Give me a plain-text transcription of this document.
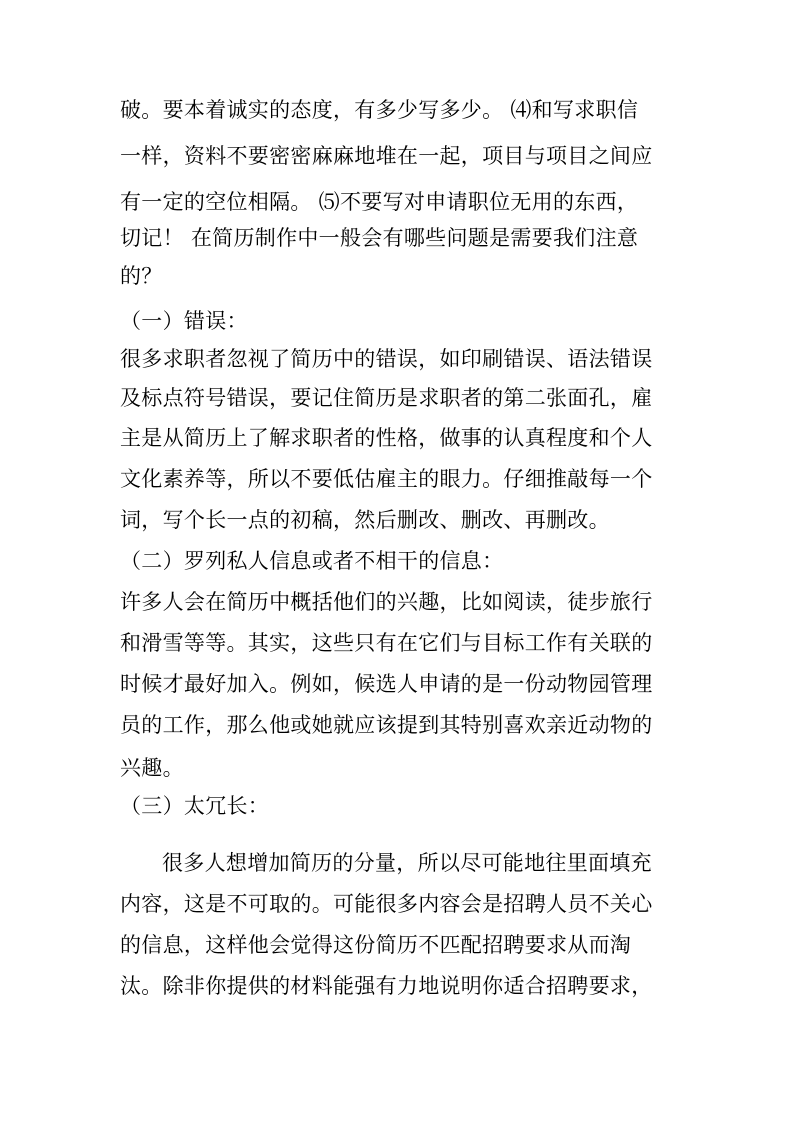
破。要本着诚实的态度，有多少写多少。 ⑷和写求职信
一样，资料不要密密麻麻地堆在一起，项目与项目之间应
有一定的空位相隔。 ⑸不要写对申请职位无用的东西，
切记！ 在简历制作中一般会有哪些问题是需要我们注意
的？
（一）错误：
很多求职者忽视了简历中的错误，如印刷错误、语法错误
及标点符号错误，要记住简历是求职者的第二张面孔，雇
主是从简历上了解求职者的性格，做事的认真程度和个人
文化素养等，所以不要低估雇主的眼力。仔细推敲每一个
词，写个长一点的初稿，然后删改、删改、再删改。
（二）罗列私人信息或者不相干的信息：
许多人会在简历中概括他们的兴趣，比如阅读，徒步旅行
和滑雪等等。其实，这些只有在它们与目标工作有关联的
时候才最好加入。例如，候选人申请的是一份动物园管理
员的工作，那么他或她就应该提到其特别喜欢亲近动物的
兴趣。
（三）太冗长：
很多人想增加简历的分量，所以尽可能地往里面填充
内容，这是不可取的。可能很多内容会是招聘人员不关心
的信息，这样他会觉得这份简历不匹配招聘要求从而淘
汰。除非你提供的材料能强有力地说明你适合招聘要求，
